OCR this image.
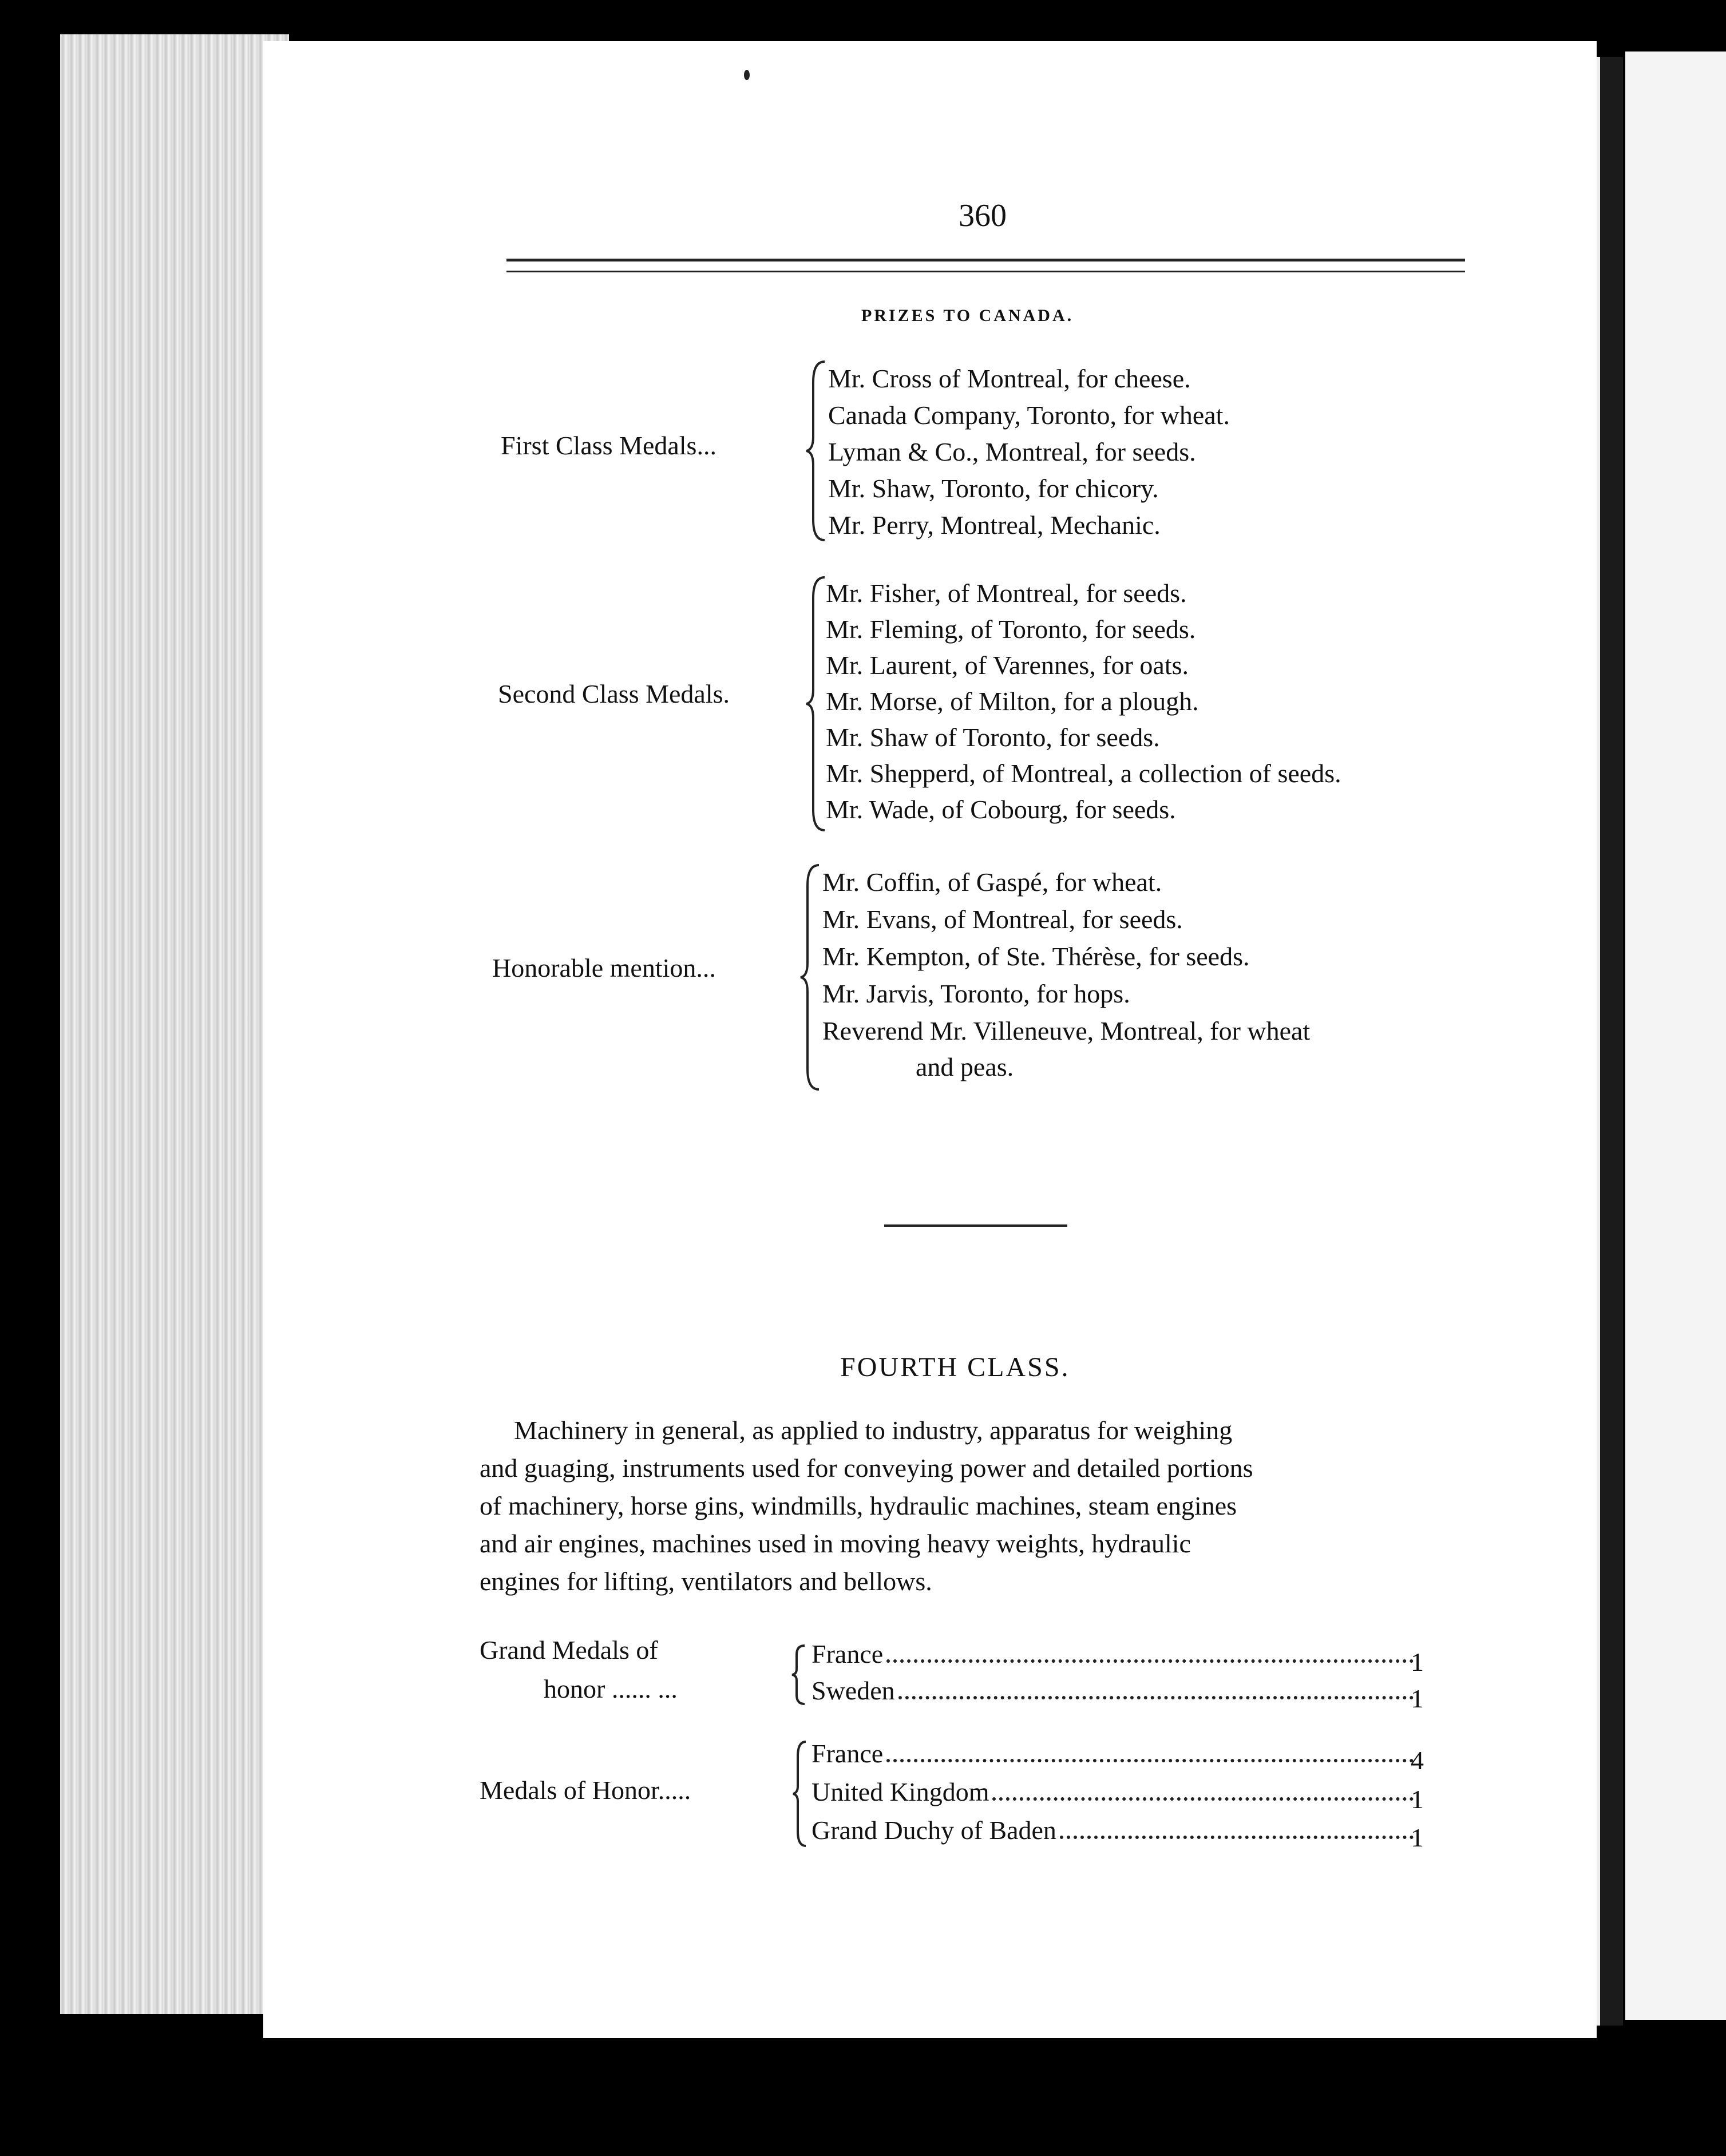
360
PRIZES TO CANADA.
First Class Medals...
Mr. Cross of Montreal, for cheese.
Canada Company, Toronto, for wheat.
Lyman & Co., Montreal, for seeds.
Mr. Shaw, Toronto, for chicory.
Mr. Perry, Montreal, Mechanic.
Second Class Medals.
Mr. Fisher, of Montreal, for seeds.
Mr. Fleming, of Toronto, for seeds.
Mr. Laurent, of Varennes, for oats.
Mr. Morse, of Milton, for a plough.
Mr. Shaw of Toronto, for seeds.
Mr. Shepperd, of Montreal, a collection of seeds.
Mr. Wade, of Cobourg, for seeds.
Honorable mention...
Mr. Coffin, of Gaspé, for wheat.
Mr. Evans, of Montreal, for seeds.
Mr. Kempton, of Ste. Thérèse, for seeds.
Mr. Jarvis, Toronto, for hops.
Reverend Mr. Villeneuve, Montreal, for wheat
and peas.
FOURTH CLASS.
Machinery in general, as applied to industry, apparatus for weighing
and guaging, instruments used for conveying power and detailed portions
of machinery, horse gins, windmills, hydraulic machines, steam engines
and air engines, machines used in moving heavy weights, hydraulic
engines for lifting, ventilators and bellows.
Grand Medals of
honor ...... ...
France	1
Sweden	1
Medals of Honor.....
France	4
United Kingdom	1
Grand Duchy of Baden	1
